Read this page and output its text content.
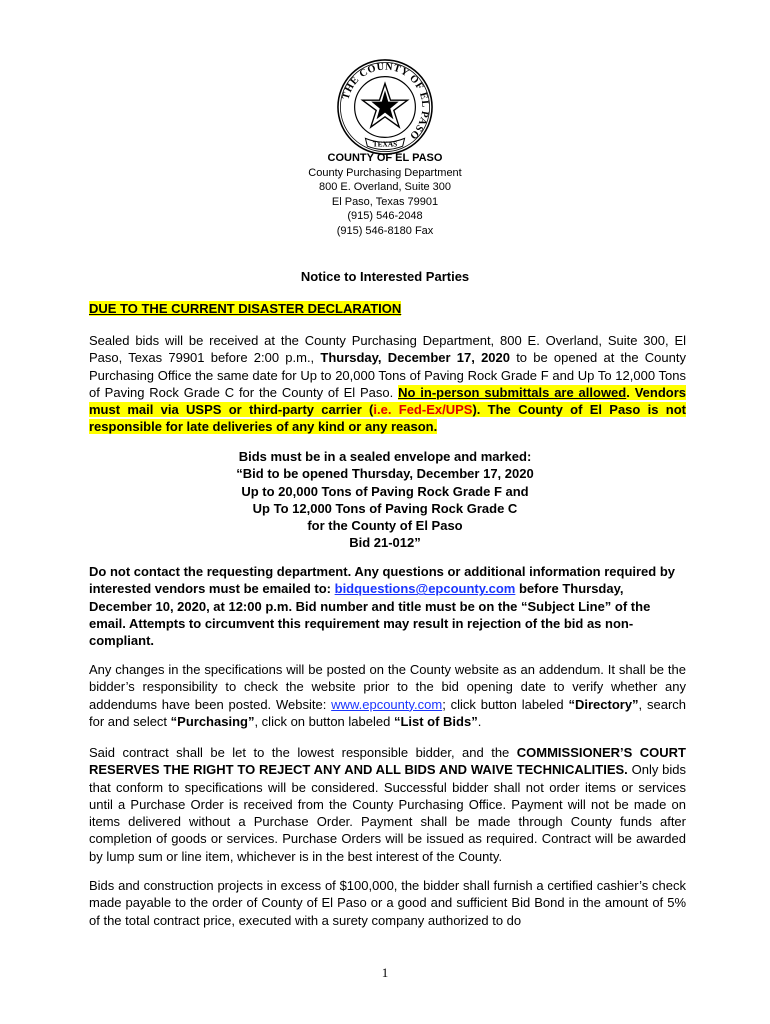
THE COUNTY OF EL PASO
TEXAS
COUNTY OF EL PASO
County Purchasing Department
800 E. Overland, Suite 300
El Paso, Texas 79901
(915) 546-2048
(915) 546-8180 Fax
Notice to Interested Parties
DUE TO THE CURRENT DISASTER DECLARATION
Sealed bids will be received at the County Purchasing Department, 800 E. Overland, Suite 300, El Paso, Texas 79901 before 2:00 p.m., Thursday, December 17, 2020 to be opened at the County Purchasing Office the same date for Up to 20,000 Tons of Paving Rock Grade F and Up To 12,000 Tons of Paving Rock Grade C for the County of El Paso. No in-person submittals are allowed. Vendors must mail via USPS or third-party carrier (i.e. Fed-Ex/UPS). The County of El Paso is not responsible for late deliveries of any kind or any reason.
Bids must be in a sealed envelope and marked:
“Bid to be opened Thursday, December 17, 2020
Up to 20,000 Tons of Paving Rock Grade F and
Up To 12,000 Tons of Paving Rock Grade C
for the County of El Paso
Bid 21-012”
Do not contact the requesting department. Any questions or additional information required by interested vendors must be emailed to: bidquestions@epcounty.com before Thursday, December 10, 2020, at 12:00 p.m. Bid number and title must be on the “Subject Line” of the email. Attempts to circumvent this requirement may result in rejection of the bid as non-compliant.
Any changes in the specifications will be posted on the County website as an addendum. It shall be the bidder’s responsibility to check the website prior to the bid opening date to verify whether any addendums have been posted. Website: www.epcounty.com; click button labeled “Directory”, search for and select “Purchasing”, click on button labeled “List of Bids”.
Said contract shall be let to the lowest responsible bidder, and the COMMISSIONER’S COURT RESERVES THE RIGHT TO REJECT ANY AND ALL BIDS AND WAIVE TECHNICALITIES. Only bids that conform to specifications will be considered. Successful bidder shall not order items or services until a Purchase Order is received from the County Purchasing Office. Payment will not be made on items delivered without a Purchase Order. Payment shall be made through County funds after completion of goods or services. Purchase Orders will be issued as required. Contract will be awarded by lump sum or line item, whichever is in the best interest of the County.
Bids and construction projects in excess of $100,000, the bidder shall furnish a certified cashier’s check made payable to the order of County of El Paso or a good and sufficient Bid Bond in the amount of 5% of the total contract price, executed with a surety company authorized to do
1
